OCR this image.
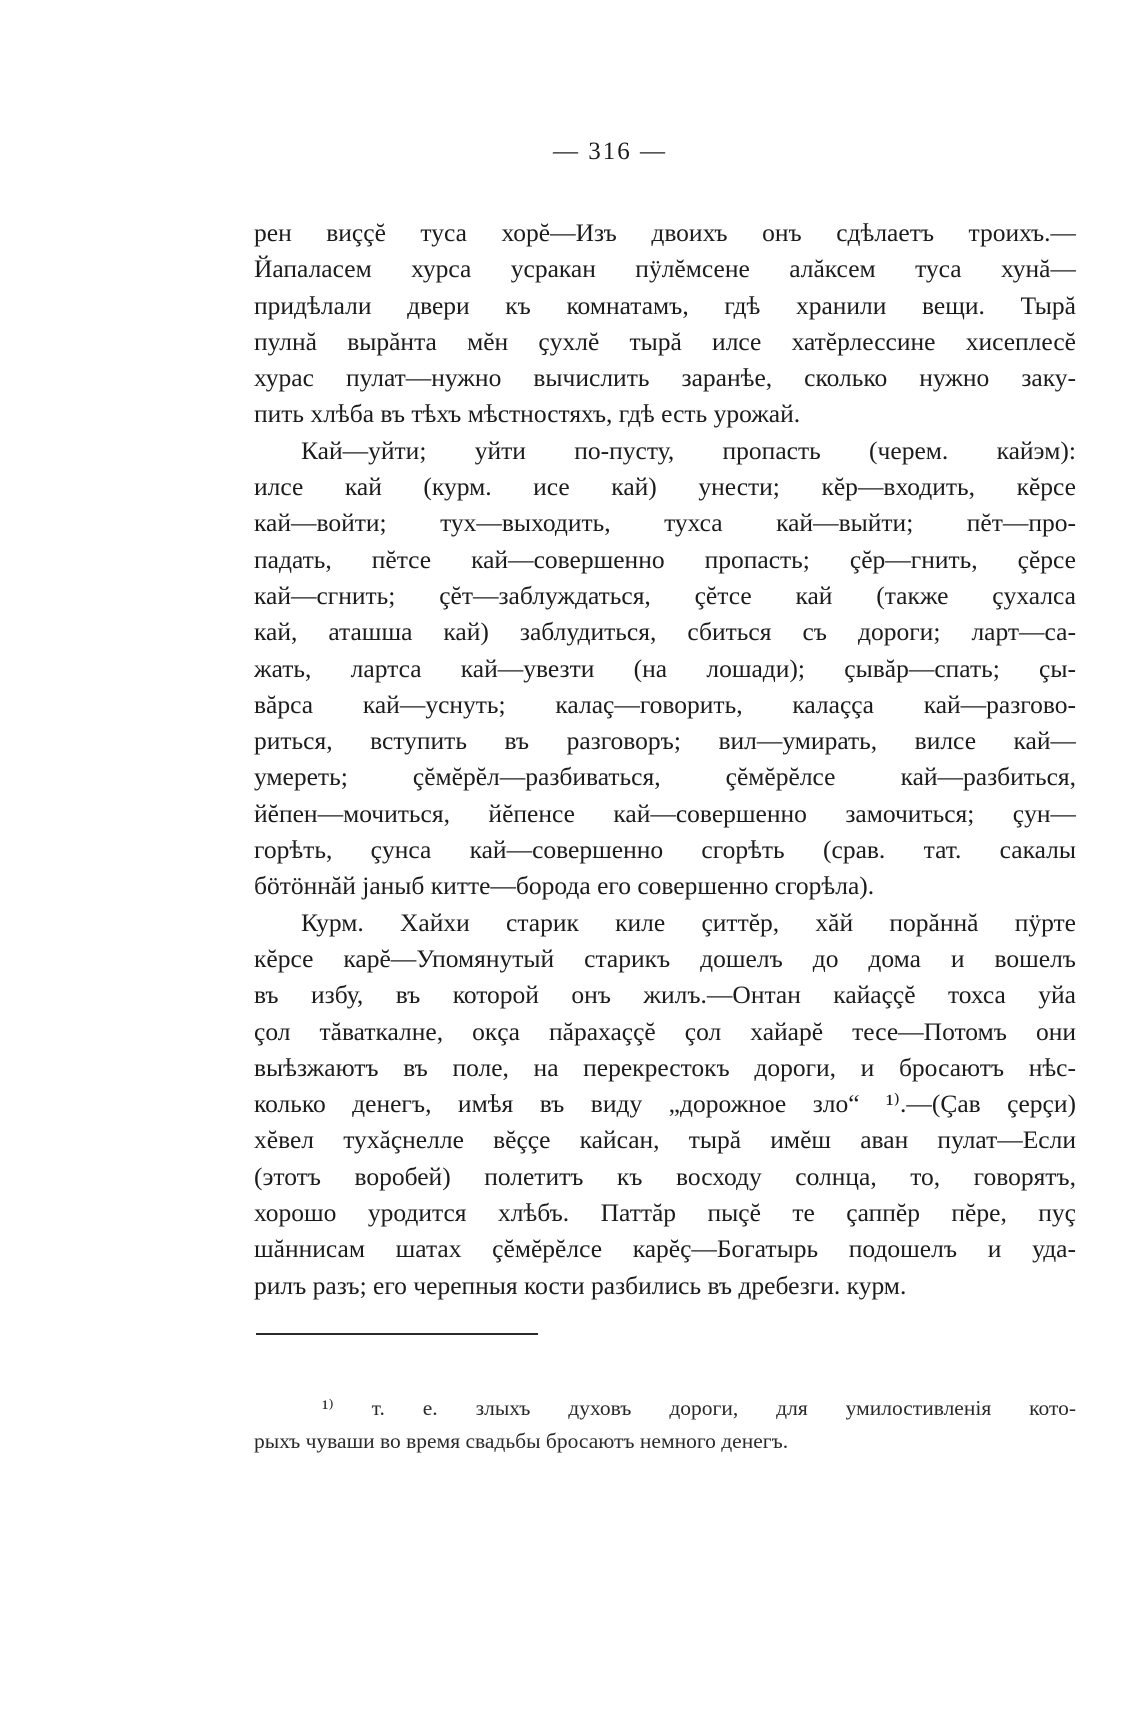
— 316 —
рен виççĕ туса хорĕ—Изъ двоихъ онъ сдѣлаетъ троихъ.—
Йапаласем хурса усракан пÿлĕмсене алăксем туса хунă—
придѣлали двери къ комнатамъ, гдѣ хранили вещи. Тырă
пулнă вырăнта мĕн ҫухлĕ тырă илсе хатĕрлессине хисеплесĕ
хурас пулат—нужно вычислить заранѣе, сколько нужно заку-
пить хлѣба въ тѣхъ мѣстностяхъ, гдѣ есть урожай.
Кай—уйти; уйти по-пусту, пропасть (черем. кайэм):
илсе кай (курм. исе кай) унести; кĕр—входить, кĕрсе
кай—войти; тух—выходить, тухса кай—выйти; пĕт—про-
падать, пĕтсе кай—совершенно пропасть; çĕр—гнить, çĕрсе
кай—сгнить; çĕт—заблуждаться, çĕтсе кай (также çухалса
кай, аташша кай) заблудиться, сбиться съ дороги; ларт—са-
жать, лартса кай—увезти (на лошади); çывăр—спать; çы-
вăрса кай—уснуть; калаç—говорить, калаççа кай—разгово-
риться, вступить въ разговоръ; вил—умирать, вилсе кай—
умереть; çĕмĕрĕл—разбиваться, çĕмĕрĕлсе кай—разбиться,
йĕпен—мочиться, йĕпенсе кай—совершенно замочиться; çун—
горѣть, çунса кай—совершенно сгорѣть (срав. тат. сакалы
бöтöннăй jаныб китте—борода его совершенно сгорѣла).
Курм. Хайхи старик киле çиттĕр, хăй порăннă пÿрте
кĕрсе карĕ—Упомянутый старикъ дошелъ до дома и вошелъ
въ избу, въ которой онъ жилъ.—Онтан кайаççĕ тохса уйа
çол тăваткалне, окçа пăрахаççĕ çол хайарĕ тесе—Потомъ они
выѣзжаютъ въ поле, на перекрестокъ дороги, и бросаютъ нѣс-
колько денегъ, имѣя въ виду „дорожное зло“ ¹⁾.—(Çав çерçи)
хĕвел тухăçнелле вĕççе кайсан, тырă имĕш аван пулат—Если
(этотъ воробей) полетитъ къ восходу солнца, то, говорятъ,
хорошо уродится хлѣбъ. Паттăр пыçĕ те çаппĕр пĕре, пуç
шăннисам шатах çĕмĕрĕлсе карĕç—Богатырь подошелъ и уда-
рилъ разъ; его черепныя кости разбились въ дребезги. курм.
¹⁾ т. е. злыхъ духовъ дороги, для умилостивленія кото-
рыхъ чуваши во время свадьбы бросаютъ немного денегъ.
